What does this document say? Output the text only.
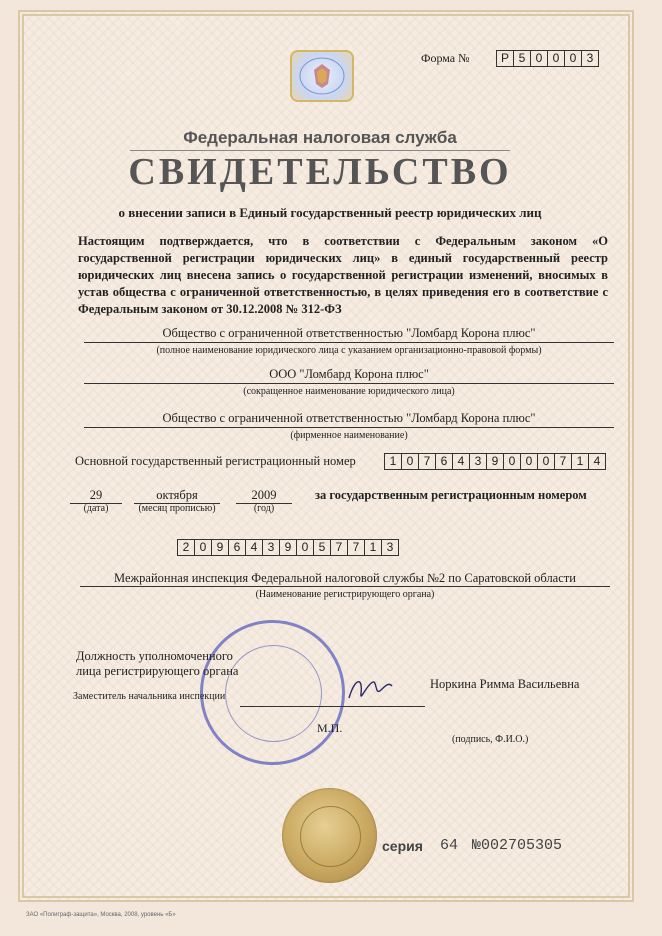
Форма №	Р 5 0 0 0 3
Федеральная налоговая служба
СВИДЕТЕЛЬСТВО
о внесении записи в Единый государственный реестр юридических лиц
Настоящим подтверждается, что в соответствии с Федеральным законом «О государственной регистрации юридических лиц» в единый государственный реестр юридических лиц внесена запись о государственной регистрации изменений, вносимых в устав общества с ограниченной ответственностью, в целях приведения его в соответствие с Федеральным законом от 30.12.2008 № 312-ФЗ
Общество с ограниченной ответственностью "Ломбард Корона плюс"
(полное наименование юридического лица с указанием организационно-правовой формы)
ООО "Ломбард Корона плюс"
(сокращенное наименование юридического лица)
Общество с ограниченной ответственностью "Ломбард Корона плюс"
(фирменное наименование)
Основной государственный регистрационный номер	1 0 7 6 4 3 9 0 0 0 7 1 4
29
(дата)
октября
(месяц прописью)
2009
(год)
за государственным регистрационным номером
2 0 9 6 4 3 9 0 5 7 7 1 3
Межрайонная инспекция Федеральной налоговой службы №2 по Саратовской области
(Наименование регистрирующего органа)
Должность уполномоченного лица регистрирующего органа
Заместитель начальника инспекции
М.П.
Норкина Римма Васильевна
(подпись, Ф.И.О.)
серия 64 №002705305
ЗАО «Полиграф-защита», Москва, 2008, уровень «Б»
